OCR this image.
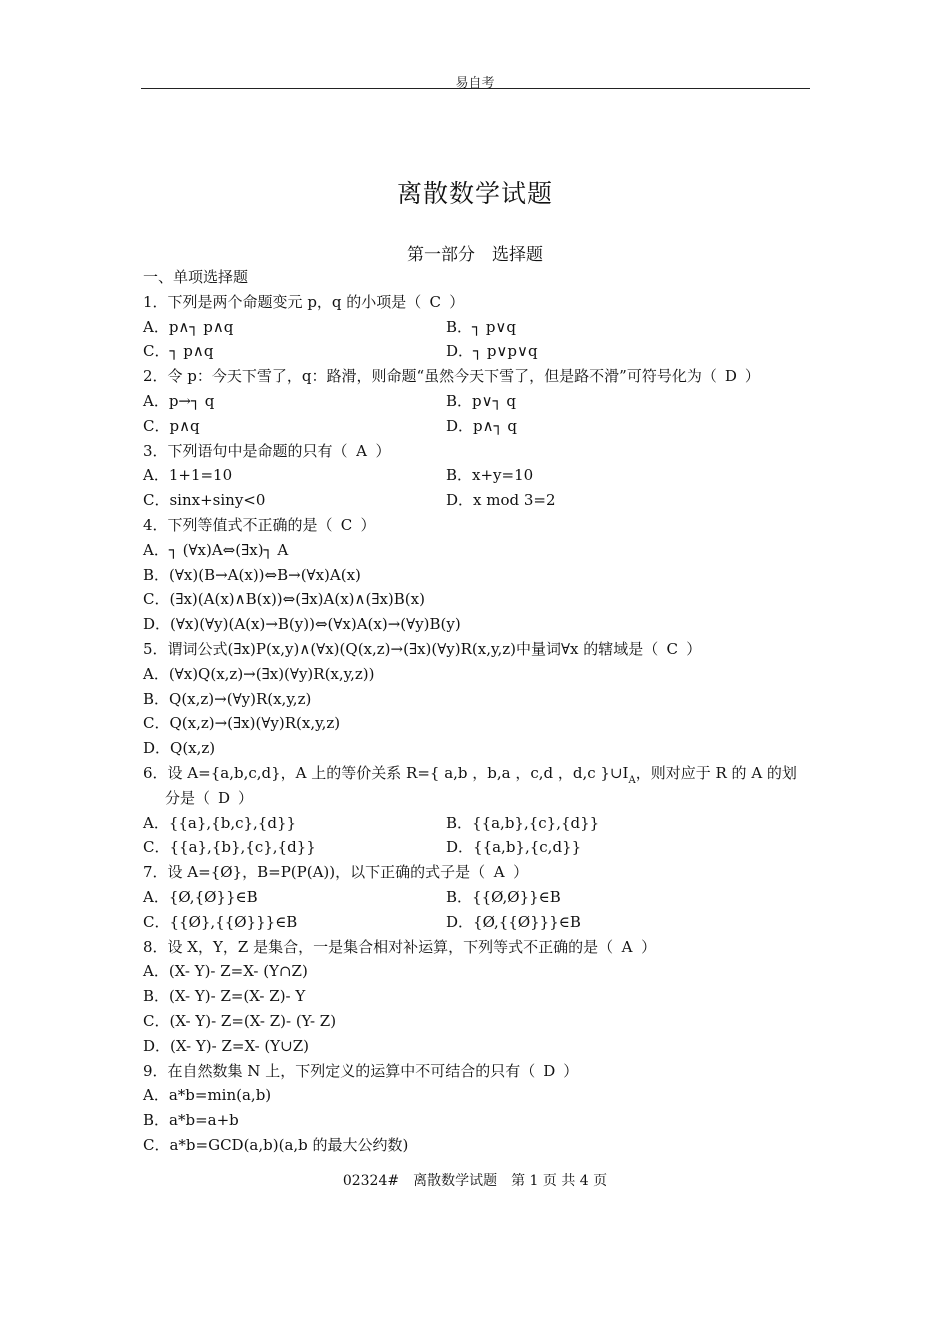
易自考
离散数学试题
第一部分　选择题
一、单项选择题
1．下列是两个命题变元 p，q 的小项是（ C ）
A．p∧┐ p∧q	B．┐ p∨q
C．┐ p∧q	D．┐ p∨p∨q
2．令 p：今天下雪了，q：路滑，则命题“虽然今天下雪了，但是路不滑”可符号化为（ D ）
A．p→┐ q	B．p∨┐ q
C．p∧q	D．p∧┐ q
3．下列语句中是命题的只有（ A ）
A．1+1=10	B．x+y=10
C．sinx+siny<0	D．x mod 3=2
4．下列等值式不正确的是（ C ）
A．┐ (∀x)A⇔(∃x)┐ A
B．(∀x)(B→A(x))⇔B→(∀x)A(x)
C．(∃x)(A(x)∧B(x))⇔(∃x)A(x)∧(∃x)B(x)
D．(∀x)(∀y)(A(x)→B(y))⇔(∀x)A(x)→(∀y)B(y)
5．谓词公式(∃x)P(x,y)∧(∀x)(Q(x,z)→(∃x)(∀y)R(x,y,z)中量词∀x 的辖域是（ C ）
A．(∀x)Q(x,z)→(∃x)(∀y)R(x,y,z))
B．Q(x,z)→(∀y)R(x,y,z)
C．Q(x,z)→(∃x)(∀y)R(x,y,z)
D．Q(x,z)
6．设 A={a,b,c,d}，A 上的等价关系 R={ a,b ，b,a ，c,d ，d,c }$\cup I_A$，则对应于 R 的 A 的划
分是（ D ）
A．{{a},{b,c},{d}}	B．{{a,b},{c},{d}}
C．{{a},{b},{c},{d}}	D．{{a,b},{c,d}}
7．设 A={Ø}，B=P(P(A))，以下正确的式子是（ A ）
A．{Ø,{Ø}}∈B	B．{{Ø,Ø}}∈B
C．{{Ø},{{Ø}}}∈B	D．{Ø,{{Ø}}}∈B
8．设 X，Y，Z 是集合，一是集合相对补运算，下列等式不正确的是（ A ）
A．(X- Y)- Z=X- (Y∩Z)
B．(X- Y)- Z=(X- Z)- Y
C．(X- Y)- Z=(X- Z)- (Y- Z)
D．(X- Y)- Z=X- (Y∪Z)
9．在自然数集 N 上，下列定义的运算中不可结合的只有（ D ）
A．a*b=min(a,b)
B．a*b=a+b
C．a*b=GCD(a,b)(a,b 的最大公约数)
02324#　离散数学试题　第 1 页 共 4 页
